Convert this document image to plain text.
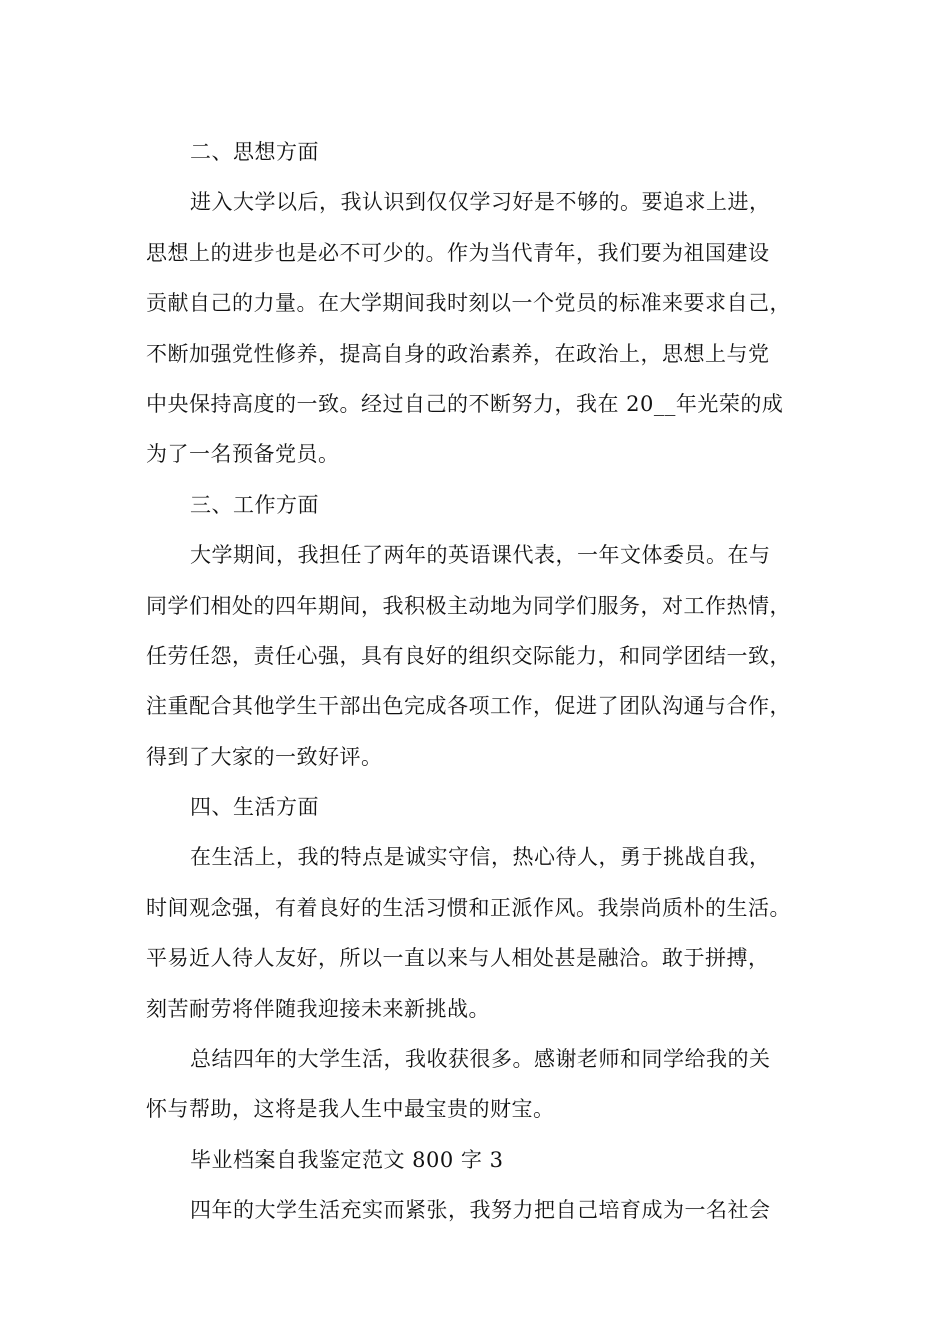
二、思想方面
进入大学以后，我认识到仅仅学习好是不够的。要追求上进，
思想上的进步也是必不可少的。作为当代青年，我们要为祖国建设
贡献自己的力量。在大学期间我时刻以一个党员的标准来要求自己，
不断加强党性修养，提高自身的政治素养，在政治上，思想上与党
中央保持高度的一致。经过自己的不断努力，我在 20__年光荣的成
为了一名预备党员。
三、工作方面
大学期间，我担任了两年的英语课代表，一年文体委员。在与
同学们相处的四年期间，我积极主动地为同学们服务，对工作热情，
任劳任怨，责任心强，具有良好的组织交际能力，和同学团结一致，
注重配合其他学生干部出色完成各项工作，促进了团队沟通与合作，
得到了大家的一致好评。
四、生活方面
在生活上，我的特点是诚实守信，热心待人，勇于挑战自我，
时间观念强，有着良好的生活习惯和正派作风。我崇尚质朴的生活。
平易近人待人友好，所以一直以来与人相处甚是融洽。敢于拼搏，
刻苦耐劳将伴随我迎接未来新挑战。
总结四年的大学生活，我收获很多。感谢老师和同学给我的关
怀与帮助，这将是我人生中最宝贵的财宝。
毕业档案自我鉴定范文 800 字 3
四年的大学生活充实而紧张，我努力把自己培育成为一名社会
